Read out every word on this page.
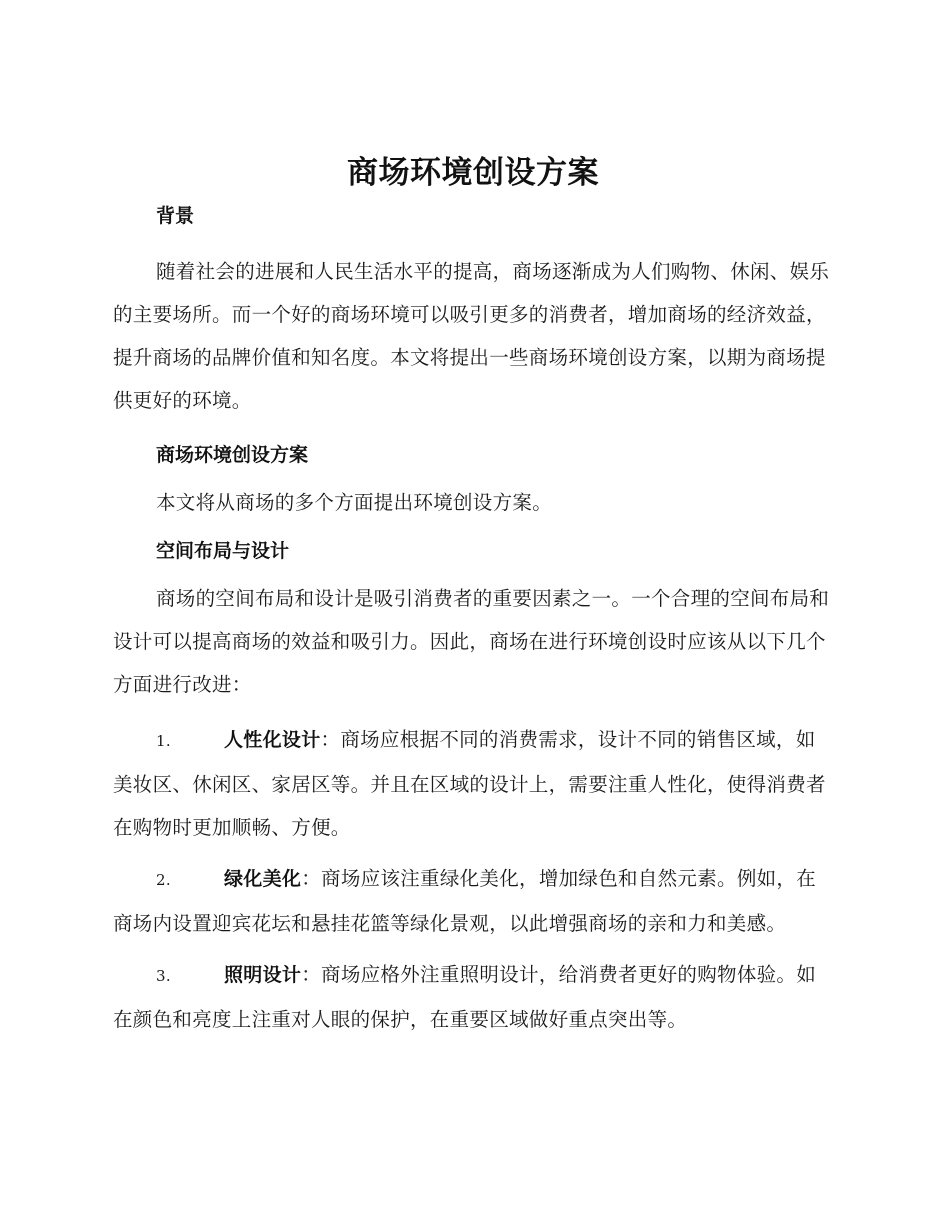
商场环境创设方案
背景

随着社会的进展和人民生活水平的提高，商场逐渐成为人们购物、休闲、娱乐的主要场所。而一个好的商场环境可以吸引更多的消费者，增加商场的经济效益，提升商场的品牌价值和知名度。本文将提出一些商场环境创设方案，以期为商场提供更好的环境。

商场环境创设方案

本文将从商场的多个方面提出环境创设方案。

空间布局与设计

商场的空间布局和设计是吸引消费者的重要因素之一。一个合理的空间布局和设计可以提高商场的效益和吸引力。因此，商场在进行环境创设时应该从以下几个方面进行改进：

1.	人性化设计：商场应根据不同的消费需求，设计不同的销售区域，如美妆区、休闲区、家居区等。并且在区域的设计上，需要注重人性化，使得消费者在购物时更加顺畅、方便。
2.	绿化美化：商场应该注重绿化美化，增加绿色和自然元素。例如，在商场内设置迎宾花坛和悬挂花篮等绿化景观，以此增强商场的亲和力和美感。
3.	照明设计：商场应格外注重照明设计，给消费者更好的购物体验。如在颜色和亮度上注重对人眼的保护，在重要区域做好重点突出等。
